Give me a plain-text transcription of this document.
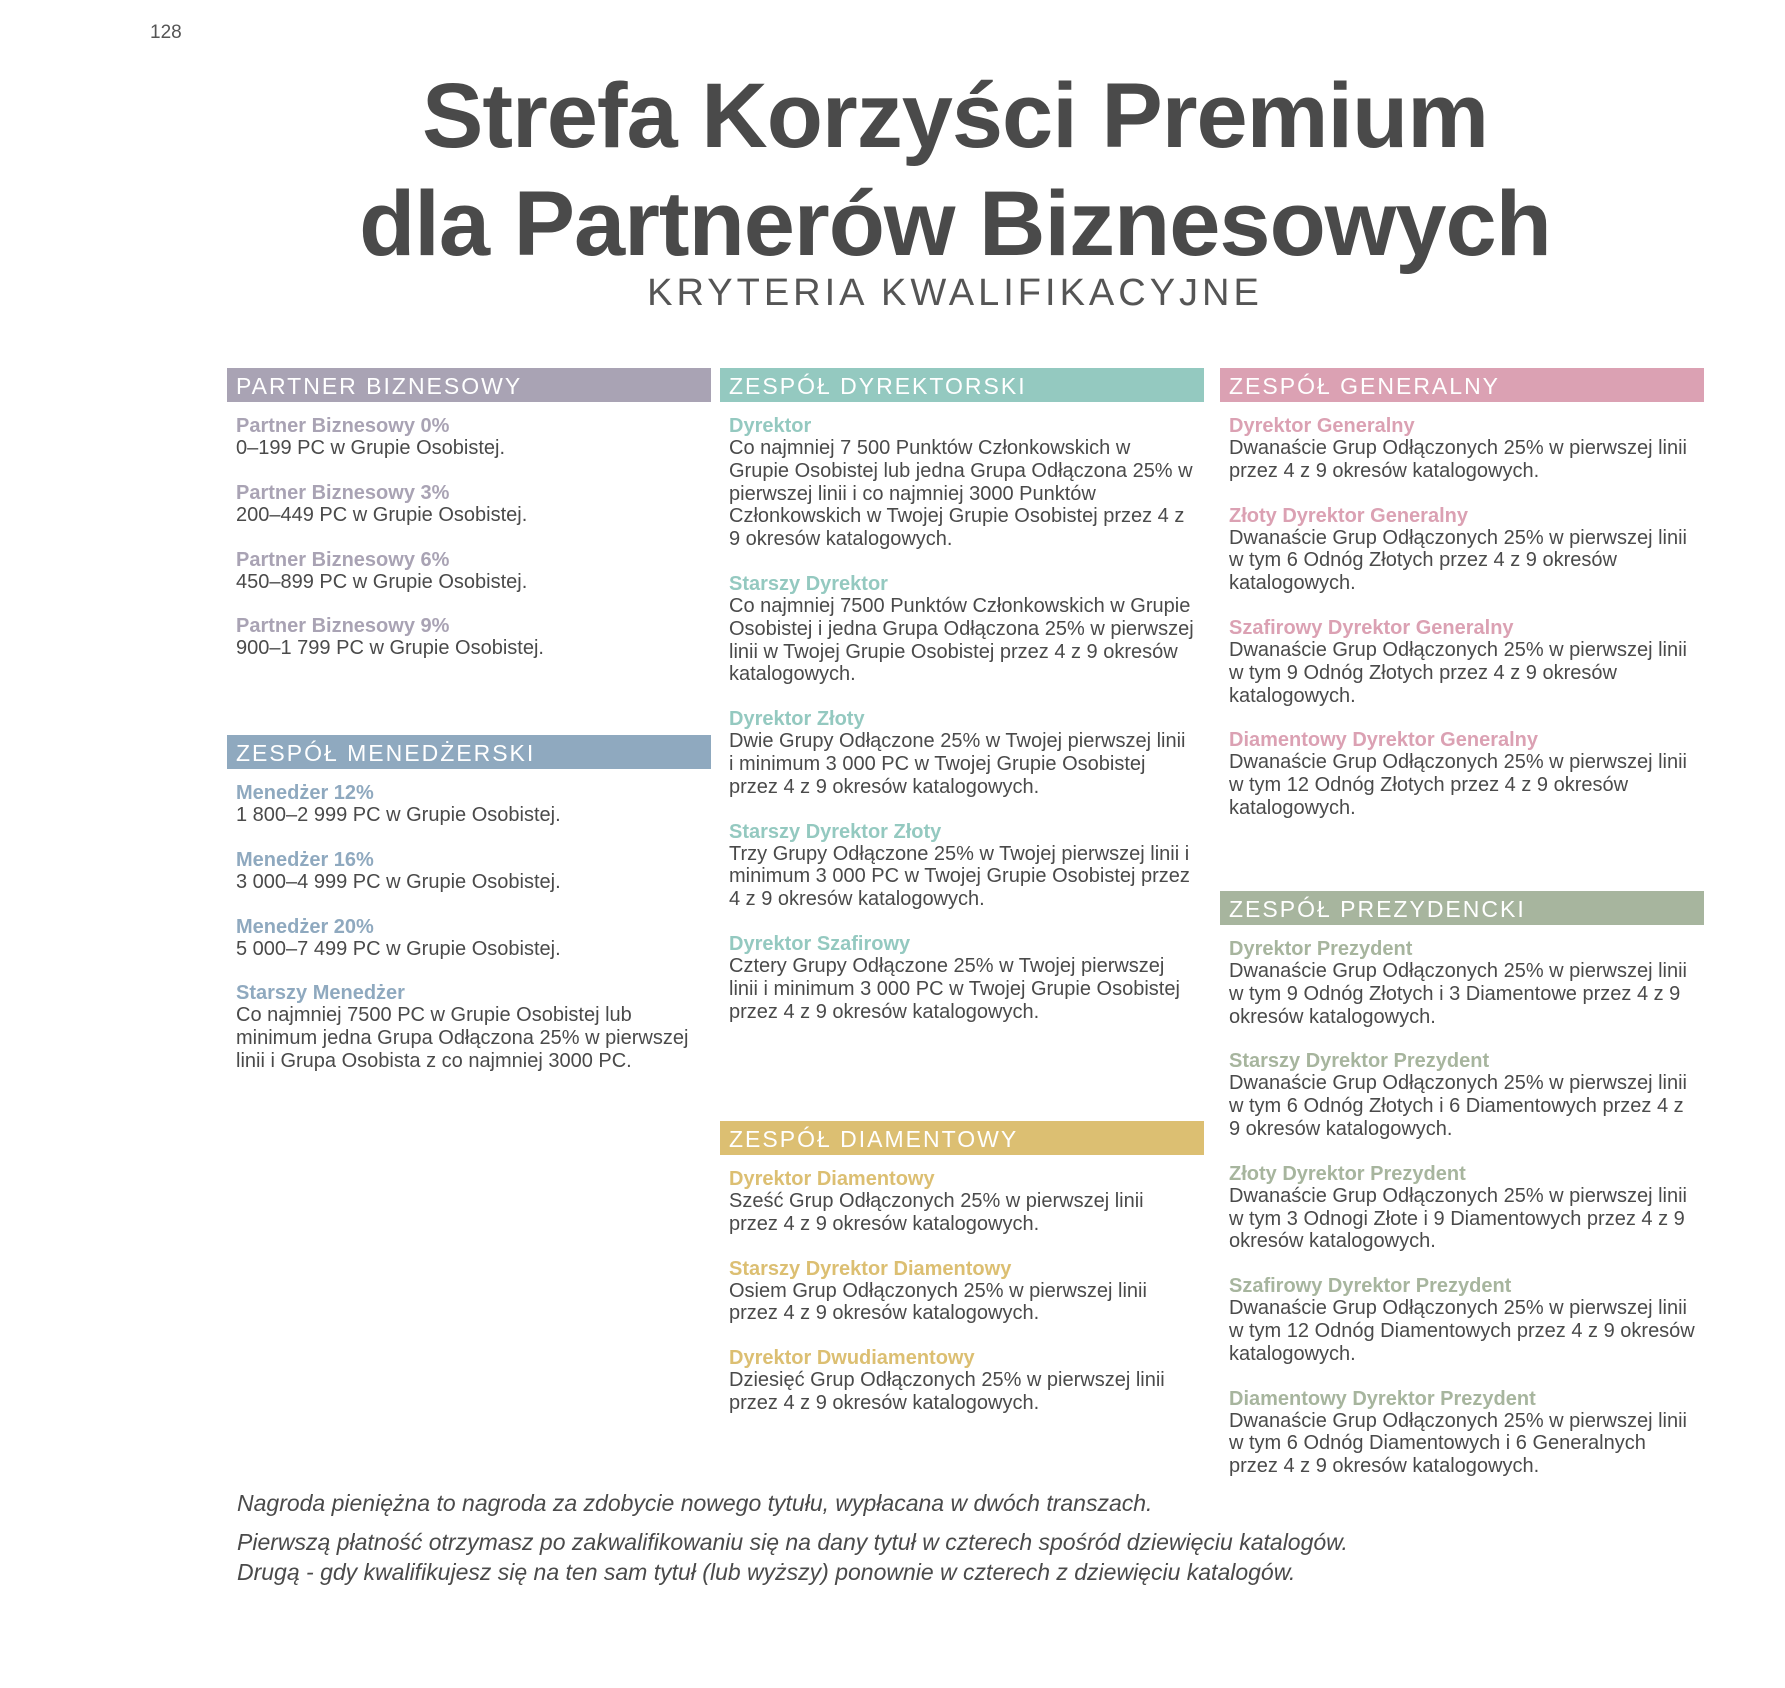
128
Strefa Korzyści Premium
dla Partnerów Biznesowych
KRYTERIA KWALIFIKACYJNE
PARTNER BIZNESOWY
Partner Biznesowy 0%
0–199 PC w Grupie Osobistej.
Partner Biznesowy 3%
200–449 PC w Grupie Osobistej.
Partner Biznesowy 6%
450–899 PC w Grupie Osobistej.
Partner Biznesowy 9%
900–1 799 PC w Grupie Osobistej.
ZESPÓŁ MENEDŻERSKI
Menedżer 12%
1 800–2 999 PC w Grupie Osobistej.
Menedżer 16%
3 000–4 999 PC w Grupie Osobistej.
Menedżer 20%
5 000–7 499 PC w Grupie Osobistej.
Starszy Menedżer
Co najmniej 7500 PC w Grupie Osobistej lub minimum jedna Grupa Odłączona 25% w pierwszej linii i Grupa Osobista z co najmniej 3000 PC.
ZESPÓŁ DYREKTORSKI
Dyrektor
Co najmniej 7 500 Punktów Członkowskich w Grupie Osobistej lub jedna Grupa Odłączona 25% w pierwszej linii i co najmniej 3000 Punktów Członkowskich w Twojej Grupie Osobistej przez 4 z 9 okresów katalogowych.
Starszy Dyrektor
Co najmniej 7500 Punktów Członkowskich w Grupie Osobistej i jedna Grupa Odłączona 25% w pierwszej linii w Twojej Grupie Osobistej przez 4 z 9 okresów katalogowych.
Dyrektor Złoty
Dwie Grupy Odłączone 25% w Twojej pierwszej linii i minimum 3 000 PC w Twojej Grupie Osobistej przez 4 z 9 okresów katalogowych.
Starszy Dyrektor Złoty
Trzy Grupy Odłączone 25% w Twojej pierwszej linii i minimum 3 000 PC w Twojej Grupie Osobistej przez 4 z 9 okresów katalogowych.
Dyrektor Szafirowy
Cztery Grupy Odłączone 25% w Twojej pierwszej linii i minimum 3 000 PC w Twojej Grupie Osobistej przez 4 z 9 okresów katalogowych.
ZESPÓŁ DIAMENTOWY
Dyrektor Diamentowy
Sześć Grup Odłączonych 25% w pierwszej linii przez 4 z 9 okresów katalogowych.
Starszy Dyrektor Diamentowy
Osiem Grup Odłączonych 25% w pierwszej linii przez 4 z 9 okresów katalogowych.
Dyrektor Dwudiamentowy
Dziesięć Grup Odłączonych 25% w pierwszej linii przez 4 z 9 okresów katalogowych.
ZESPÓŁ GENERALNY
Dyrektor Generalny
Dwanaście Grup Odłączonych 25% w pierwszej linii przez 4 z 9 okresów katalogowych.
Złoty Dyrektor Generalny
Dwanaście Grup Odłączonych 25% w pierwszej linii w tym 6 Odnóg Złotych przez 4 z 9 okresów katalogowych.
Szafirowy Dyrektor Generalny
Dwanaście Grup Odłączonych 25% w pierwszej linii w tym 9 Odnóg Złotych przez 4 z 9 okresów katalogowych.
Diamentowy Dyrektor Generalny
Dwanaście Grup Odłączonych 25% w pierwszej linii w tym 12 Odnóg Złotych przez 4 z 9 okresów katalogowych.
ZESPÓŁ PREZYDENCKI
Dyrektor Prezydent
Dwanaście Grup Odłączonych 25% w pierwszej linii w tym 9 Odnóg Złotych i 3 Diamentowe przez 4 z 9 okresów katalogowych.
Starszy Dyrektor Prezydent
Dwanaście Grup Odłączonych 25% w pierwszej linii w tym 6 Odnóg Złotych i 6 Diamentowych przez 4 z 9 okresów katalogowych.
Złoty Dyrektor Prezydent
Dwanaście Grup Odłączonych 25% w pierwszej linii w tym 3 Odnogi Złote i 9 Diamentowych przez 4 z 9 okresów katalogowych.
Szafirowy Dyrektor Prezydent
Dwanaście Grup Odłączonych 25% w pierwszej linii w tym 12 Odnóg Diamentowych przez 4 z 9 okresów katalogowych.
Diamentowy Dyrektor Prezydent
Dwanaście Grup Odłączonych 25% w pierwszej linii w tym 6 Odnóg Diamentowych i 6 Generalnych przez 4 z 9 okresów katalogowych.

Nagroda pieniężna to nagroda za zdobycie nowego tytułu, wypłacana w dwóch transzach.

Pierwszą płatność otrzymasz po zakwalifikowaniu się na dany tytuł w czterech spośród dziewięciu katalogów.

Drugą - gdy kwalifikujesz się na ten sam tytuł (lub wyższy) ponownie w czterech z dziewięciu katalogów.
